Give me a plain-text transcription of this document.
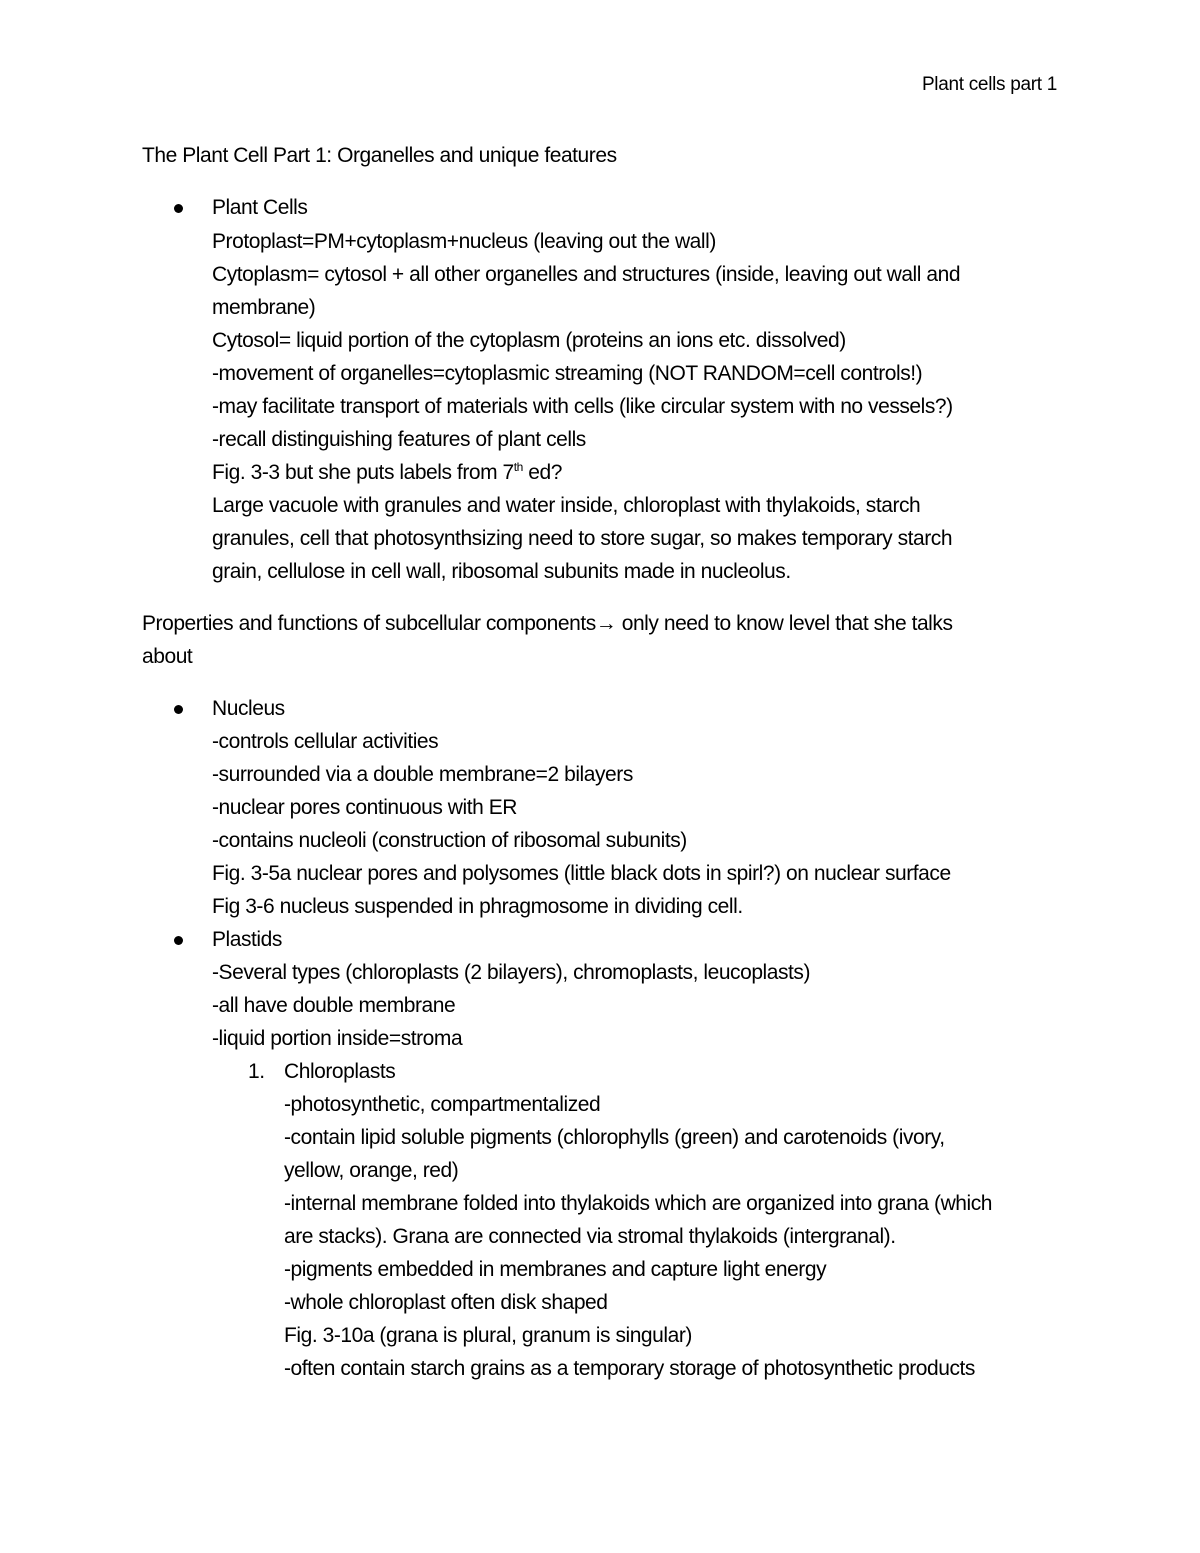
Plant cells part 1
The Plant Cell Part 1: Organelles and unique features
Plant Cells
Protoplast=PM+cytoplasm+nucleus (leaving out the wall)
Cytoplasm= cytosol + all other organelles and structures (inside, leaving out wall and
membrane)
Cytosol= liquid portion of the cytoplasm (proteins an ions etc. dissolved)
-movement of organelles=cytoplasmic streaming (NOT RANDOM=cell controls!)
-may facilitate transport of materials with cells (like circular system with no vessels?)
-recall distinguishing features of plant cells
Fig. 3-3 but she puts labels from 7th ed?
Large vacuole with granules and water inside, chloroplast with thylakoids, starch
granules, cell that photosynthsizing need to store sugar, so makes temporary starch
grain, cellulose in cell wall, ribosomal subunits made in nucleolus.
Properties and functions of subcellular components→ only need to know level that she talks
about
Nucleus
-controls cellular activities
-surrounded via a double membrane=2 bilayers
-nuclear pores continuous with ER
-contains nucleoli (construction of ribosomal subunits)
Fig. 3-5a nuclear pores and polysomes (little black dots in spirl?) on nuclear surface
Fig 3-6 nucleus suspended in phragmosome in dividing cell.
Plastids
-Several types (chloroplasts (2 bilayers), chromoplasts, leucoplasts)
-all have double membrane
-liquid portion inside=stroma
1. Chloroplasts
-photosynthetic, compartmentalized
-contain lipid soluble pigments (chlorophylls (green) and carotenoids (ivory,
yellow, orange, red)
-internal membrane folded into thylakoids which are organized into grana (which
are stacks). Grana are connected via stromal thylakoids (intergranal).
-pigments embedded in membranes and capture light energy
-whole chloroplast often disk shaped
Fig. 3-10a (grana is plural, granum is singular)
-often contain starch grains as a temporary storage of photosynthetic products
